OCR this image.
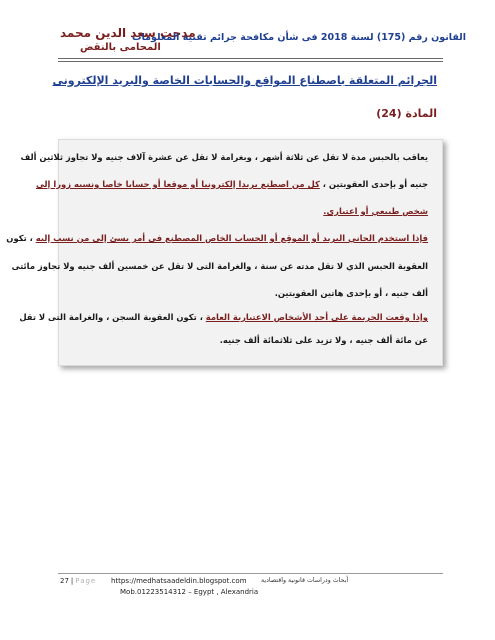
مدحت سعد الدين محمد
القانون رقم (175) لسنة 2018 فى شأن مكافحة جرائم تقنية المعلومات
المحامى بالنقض
الجرائم المتعلقة باصطناع المواقع والحسابات الخاصة والبريد الإلكترونى
المادة (24)
يعاقب بالحبس مدة لا تقل عن ثلاثة أشهر ، وبغرامة لا تقل عن عشرة آلاف جنيه ولا تجاوز ثلاثين ألف
جنيه أو بإحدى العقوبتين ، كل من اصطنع بريدا إلكترونيا أو موقعا أو حسابا خاصا ونسبه زورا إلى
شخص طبيعي أو اعتبارى.
فإذا استخدم الجاني البريد أو الموقع أو الحساب الخاص المصطنع فى أمر يسئ إلى من نسب إليه ، تكون
العقوبة الحبس الذي لا تقل مدته عن سنة ، والغرامة التى لا تقل عن خمسين ألف جنيه ولا تجاوز مائتى
ألف جنيه ، أو بإحدى هاتين العقوبتين.
وإذا وقعت الجريمة على أحد الأشخاص الاعتبارية العامة ، تكون العقوبة السجن ، والغرامة التى لا تقل
عن مائة ألف جنيه ، ولا تزيد على ثلاثمائة ألف جنيه.
27 | Page https://medhatsaadeldin.blogspot.com
Mob.01223514312 – Egypt , Alexandria
أبحاث ودراسات قانونية واقتصادية
